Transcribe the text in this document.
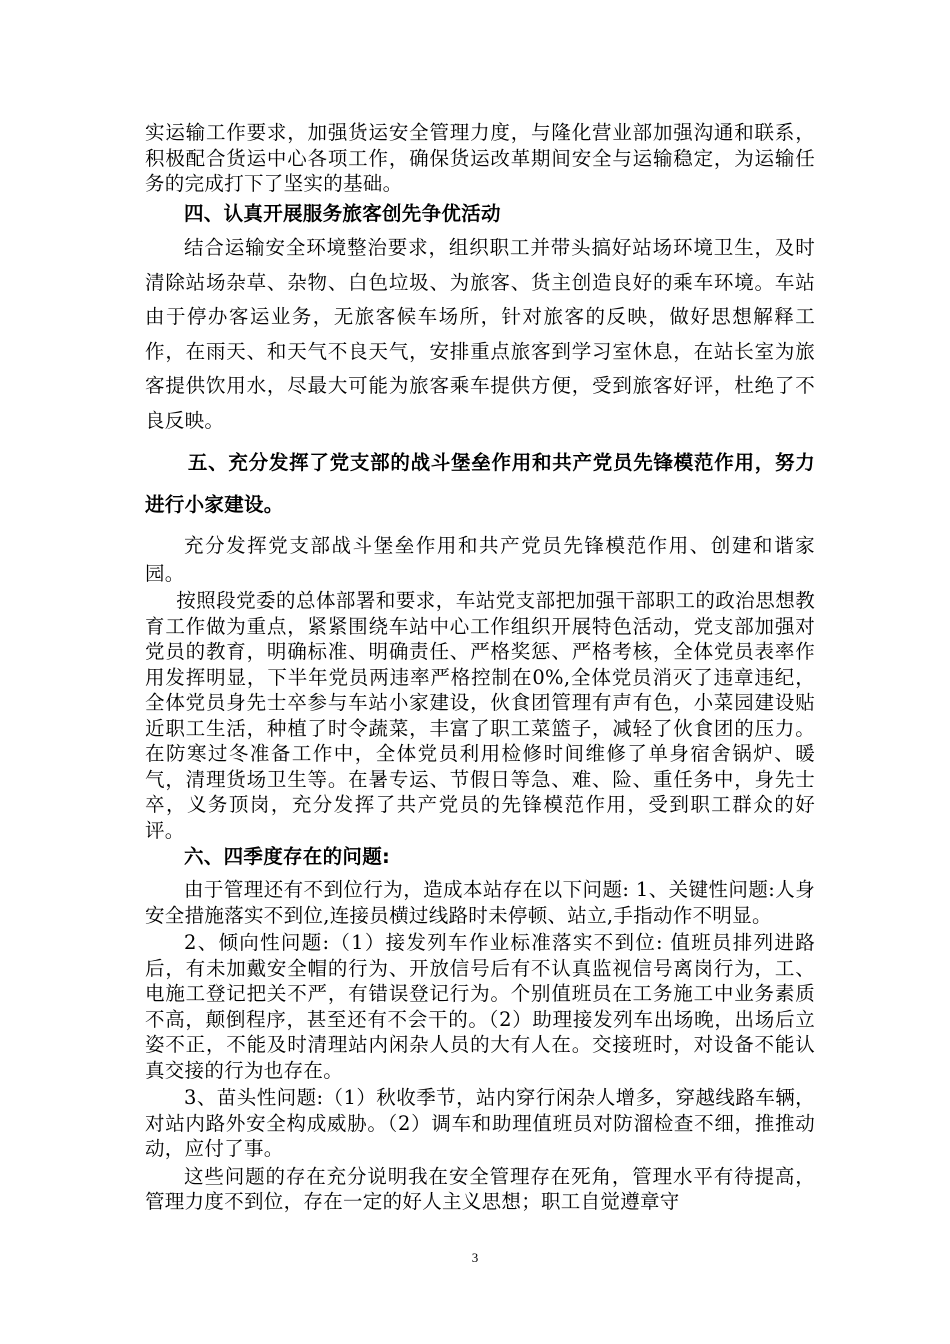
实运输工作要求，加强货运安全管理力度，与隆化营业部加强沟通和联系，积极配合货运中心各项工作，确保货运改革期间安全与运输稳定，为运输任务的完成打下了坚实的基础。

四、认真开展服务旅客创先争优活动

结合运输安全环境整治要求，组织职工并带头搞好站场环境卫生，及时清除站场杂草、杂物、白色垃圾、为旅客、货主创造良好的乘车环境。车站由于停办客运业务，无旅客候车场所，针对旅客的反映，做好思想解释工作，在雨天、和天气不良天气，安排重点旅客到学习室休息，在站长室为旅客提供饮用水，尽最大可能为旅客乘车提供方便，受到旅客好评，杜绝了不良反映。

五、充分发挥了党支部的战斗堡垒作用和共产党员先锋模范作用，努力进行小家建设。

充分发挥党支部战斗堡垒作用和共产党员先锋模范作用、创建和谐家园。

按照段党委的总体部署和要求，车站党支部把加强干部职工的政治思想教育工作做为重点，紧紧围绕车站中心工作组织开展特色活动，党支部加强对党员的教育，明确标准、明确责任、严格奖惩、严格考核，全体党员表率作用发挥明显，下半年党员两违率严格控制在0%,全体党员消灭了违章违纪，全体党员身先士卒参与车站小家建设，伙食团管理有声有色，小菜园建设贴近职工生活，种植了时令蔬菜，丰富了职工菜篮子，减轻了伙食团的压力。在防寒过冬准备工作中，全体党员利用检修时间维修了单身宿舍锅炉、暖气，清理货场卫生等。在暑专运、节假日等急、难、险、重任务中，身先士卒，义务顶岗，充分发挥了共产党员的先锋模范作用，受到职工群众的好评。

六、四季度存在的问题:

由于管理还有不到位行为，造成本站存在以下问题: 1、关键性问题:人身安全措施落实不到位,连接员横过线路时未停顿、站立,手指动作不明显。

2、倾向性问题:（1）接发列车作业标准落实不到位: 值班员排列进路后，有未加戴安全帽的行为、开放信号后有不认真监视信号离岗行为，工、电施工登记把关不严，有错误登记行为。个别值班员在工务施工中业务素质不高，颠倒程序，甚至还有不会干的。（2）助理接发列车出场晚，出场后立姿不正，不能及时清理站内闲杂人员的大有人在。交接班时，对设备不能认真交接的行为也存在。

3、苗头性问题:（1）秋收季节，站内穿行闲杂人增多，穿越线路车辆，对站内路外安全构成威胁。（2）调车和助理值班员对防溜检查不细，推推动动，应付了事。

这些问题的存在充分说明我在安全管理存在死角，管理水平有待提高，管理力度不到位，存在一定的好人主义思想；职工自觉遵章守

3
